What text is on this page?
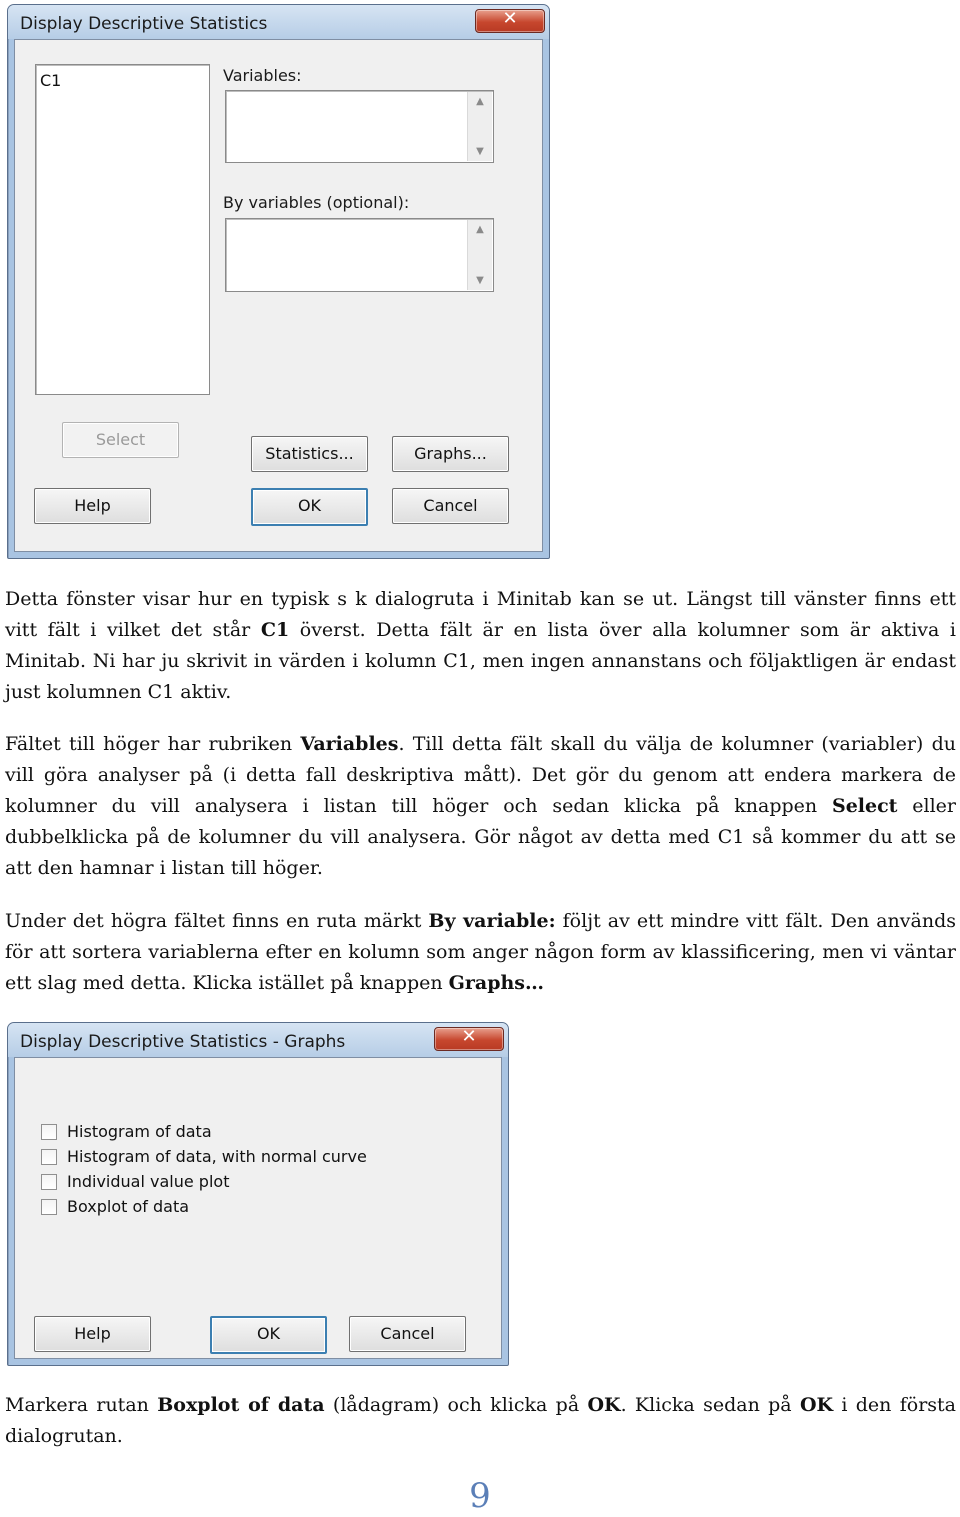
Display Descriptive Statistics	✕
C1	Variables:
▲
▼
By variables (optional):
▲
▼
Select
Statistics...	Graphs...
Help	OK	Cancel

Detta fönster visar hur en typisk s k dialogruta i Minitab kan se ut. Längst till vänster finns ett vitt fält i vilket det står C1 överst. Detta fält är en lista över alla kolumner som är aktiva i Minitab. Ni har ju skrivit in värden i kolumn C1, men ingen annanstans och följaktligen är endast just kolumnen C1 aktiv.

Fältet till höger har rubriken Variables. Till detta fält skall du välja de kolumner (variabler) du vill göra analyser på (i detta fall deskriptiva mått). Det gör du genom att endera markera de kolumner du vill analysera i listan till höger och sedan klicka på knappen Select eller dubbelklicka på de kolumner du vill analysera. Gör något av detta med C1 så kommer du att se att den hamnar i listan till höger.

Under det högra fältet finns en ruta märkt By variable: följt av ett mindre vitt fält. Den används för att sortera variablerna efter en kolumn som anger någon form av klassificering, men vi väntar ett slag med detta. Klicka istället på knappen Graphs…

Display Descriptive Statistics - Graphs	✕
Histogram of data
Histogram of data, with normal curve
Individual value plot
Boxplot of data
Help	OK	Cancel

Markera rutan Boxplot of data (lådagram) och klicka på OK. Klicka sedan på OK i den första dialogrutan.

9
